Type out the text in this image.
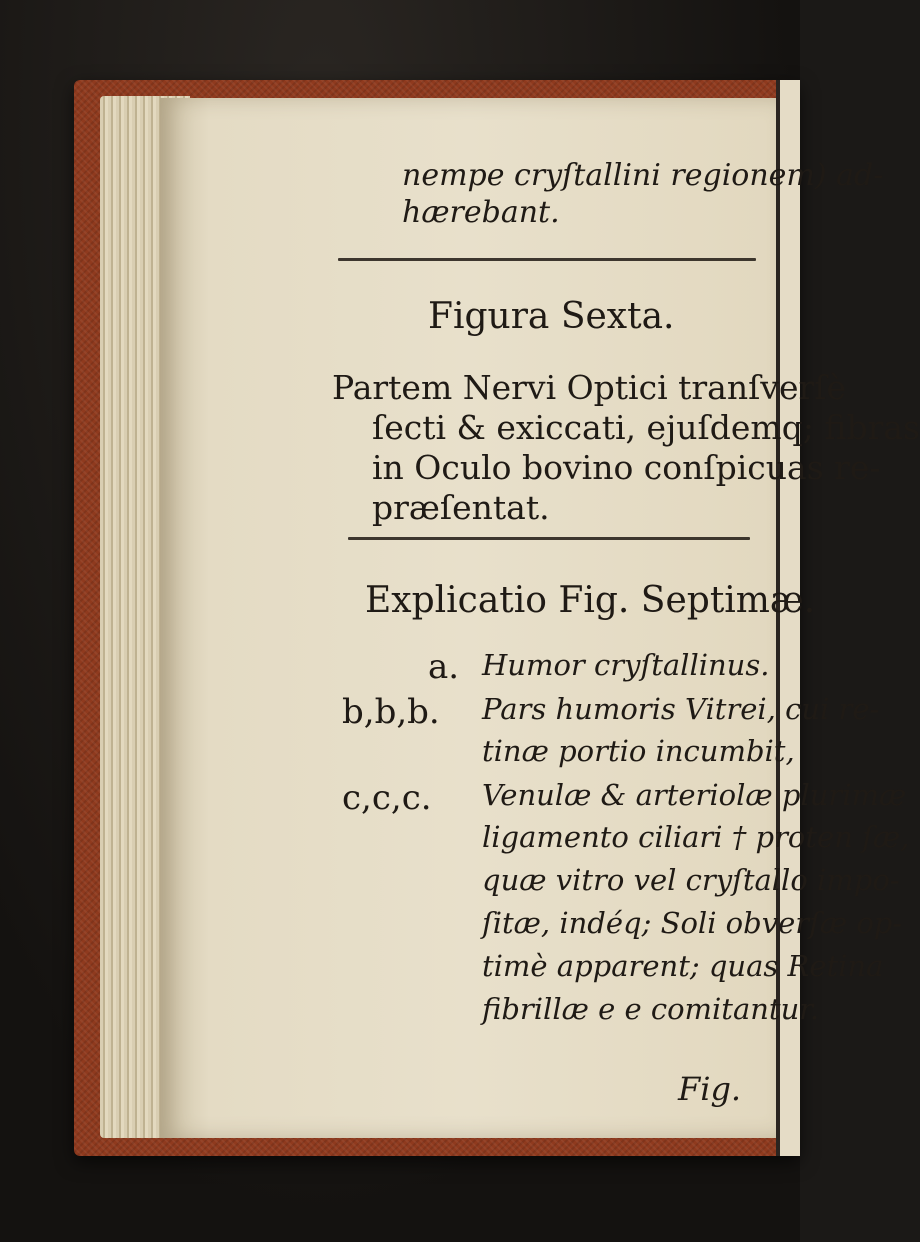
nempe cryſtallini regionem) ad-
hærebant.
Figura Sexta.
Partem Nervi Optici tranſverſè
ſecti & exiccati, ejuſdemq; fibras
in Oculo bovino conſpicuas re-
præſentat.
Explicatio Fig. Septimæ.
a. Humor cryſtallinus.
b,b,b. Pars humoris Vitrei, cui re-
tinæ portio incumbit,
c,c,c. Venulæ & arteriolæ plurimæ
ligamento ciliari † proten ſæ,
quæ vitro vel cryſtallo impo-
ſitæ, indéq; Soli obverſæ op-
timè apparent; quas Retina
fibrillæ e e comitantur.
Fig.
